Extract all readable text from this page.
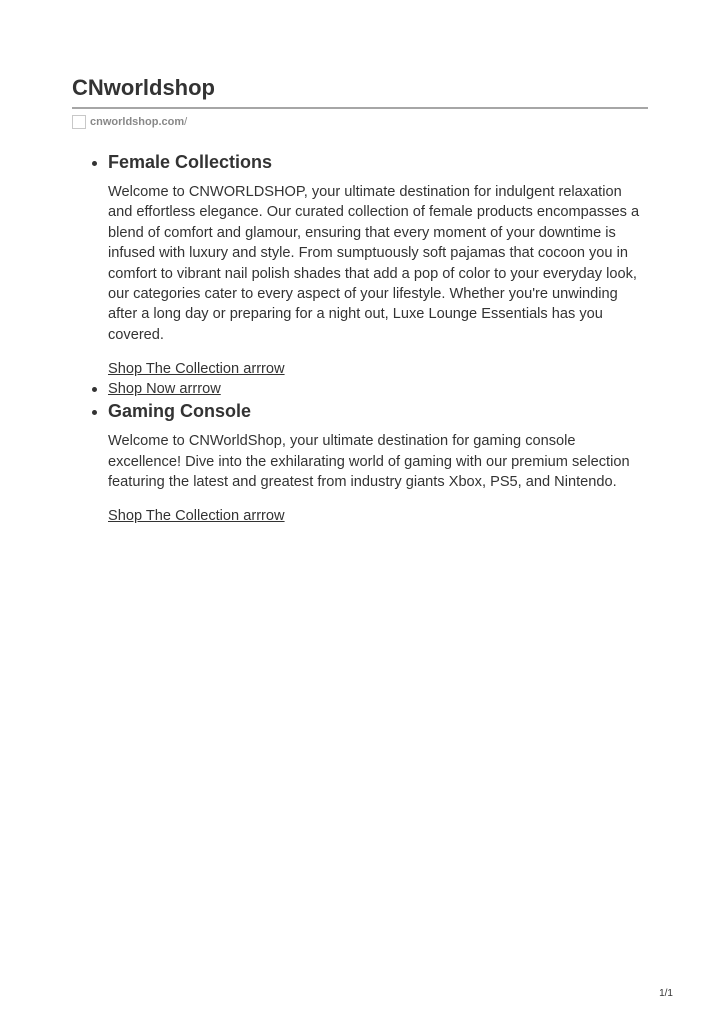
CNworldshop
cnworldshop.com/
Female Collections

Welcome to CNWORLDSHOP, your ultimate destination for indulgent relaxation and effortless elegance. Our curated collection of female products encompasses a blend of comfort and glamour, ensuring that every moment of your downtime is infused with luxury and style. From sumptuously soft pajamas that cocoon you in comfort to vibrant nail polish shades that add a pop of color to your everyday look, our categories cater to every aspect of your lifestyle. Whether you're unwinding after a long day or preparing for a night out, Luxe Lounge Essentials has you covered.

Shop The Collection arrrow
Shop Now arrrow
Gaming Console

Welcome to CNWorldShop, your ultimate destination for gaming console excellence! Dive into the exhilarating world of gaming with our premium selection featuring the latest and greatest from industry giants Xbox, PS5, and Nintendo.

Shop The Collection arrrow
1/1
